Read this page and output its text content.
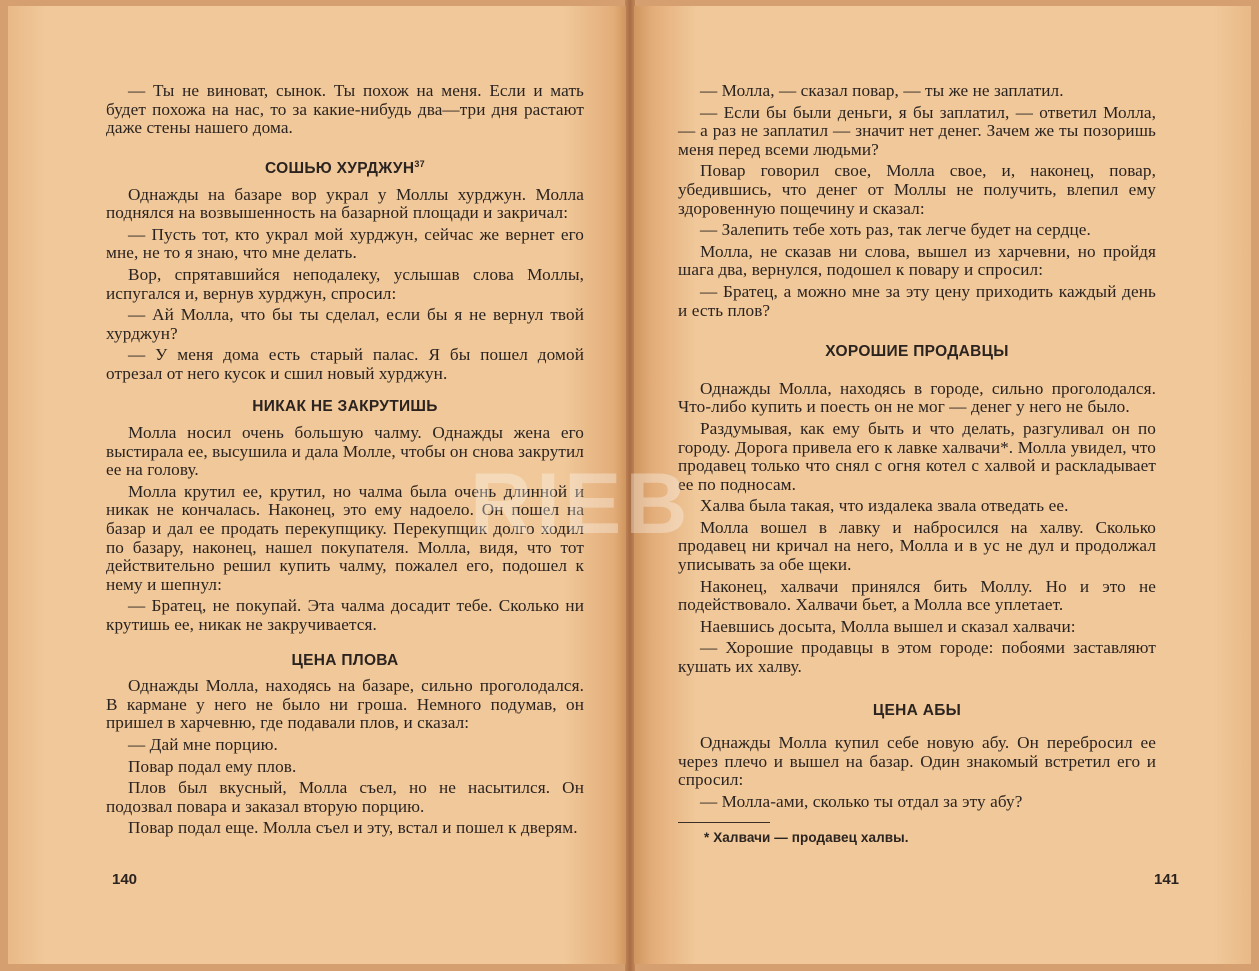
— Ты не виноват, сынок. Ты похож на меня. Если и мать будет похожа на нас, то за какие-нибудь два—три дня растают даже стены нашего дома.

СОШЬЮ ХУРДЖУН$^{37}$

Однажды на базаре вор украл у Моллы хурджун. Молла поднялся на возвышенность на базарной площади и закричал:

— Пусть тот, кто украл мой хурджун, сейчас же вернет его мне, не то я знаю, что мне делать.

Вор, спрятавшийся неподалеку, услышав слова Моллы, испугался и, вернув хурджун, спросил:

— Ай Молла, что бы ты сделал, если бы я не вернул твой хурджун?

— У меня дома есть старый палас. Я бы пошел домой отрезал от него кусок и сшил новый хурджун.

НИКАК НЕ ЗАКРУТИШЬ

Молла носил очень большую чалму. Однажды жена его выстирала ее, высушила и дала Молле, чтобы он снова закрутил ее на голову.

Молла крутил ее, крутил, но чалма была очень длинной и никак не кончалась. Наконец, это ему надоело. Он пошел на базар и дал ее продать перекупщику. Перекупщик долго ходил по базару, наконец, нашел покупателя. Молла, видя, что тот действительно решил купить чалму, пожалел его, подошел к нему и шепнул:

— Братец, не покупай. Эта чалма досадит тебе. Сколько ни крутишь ее, никак не закручивается.

ЦЕНА ПЛОВА

Однажды Молла, находясь на базаре, сильно проголодался. В кармане у него не было ни гроша. Немного подумав, он пришел в харчевню, где подавали плов, и сказал:

— Дай мне порцию.

Повар подал ему плов.

Плов был вкусный, Молла съел, но не насытился. Он подозвал повара и заказал вторую порцию.

Повар подал еще. Молла съел и эту, встал и пошел к дверям.

140

— Молла, — сказал повар, — ты же не заплатил.

— Если бы были деньги, я бы заплатил, — ответил Молла, — а раз не заплатил — значит нет денег. Зачем же ты позоришь меня перед всеми людьми?

Повар говорил свое, Молла свое, и, наконец, повар, убедившись, что денег от Моллы не получить, влепил ему здоровенную пощечину и сказал:

— Залепить тебе хоть раз, так легче будет на сердце.

Молла, не сказав ни слова, вышел из харчевни, но пройдя шага два, вернулся, подошел к повару и спросил:

— Братец, а можно мне за эту цену приходить каждый день и есть плов?

ХОРОШИЕ ПРОДАВЦЫ

Однажды Молла, находясь в городе, сильно проголодался. Что-либо купить и поесть он не мог — денег у него не было.

Раздумывая, как ему быть и что делать, разгуливал он по городу. Дорога привела его к лавке халвачи*. Молла увидел, что продавец только что снял с огня котел с халвой и раскладывает ее по подносам.

Халва была такая, что издалека звала отведать ее.

Молла вошел в лавку и набросился на халву. Сколько продавец ни кричал на него, Молла и в ус не дул и продолжал уписывать за обе щеки.

Наконец, халвачи принялся бить Моллу. Но и это не подействовало. Халвачи бьет, а Молла все уплетает.

Наевшись досыта, Молла вышел и сказал халвачи:

— Хорошие продавцы в этом городе: побоями заставляют кушать их халву.

ЦЕНА АБЫ

Однажды Молла купил себе новую абу. Он перебросил ее через плечо и вышел на базар. Один знакомый встретил его и спросил:

— Молла-ами, сколько ты отдал за эту абу?

* Халвачи — продавец халвы.
141
RIEB
